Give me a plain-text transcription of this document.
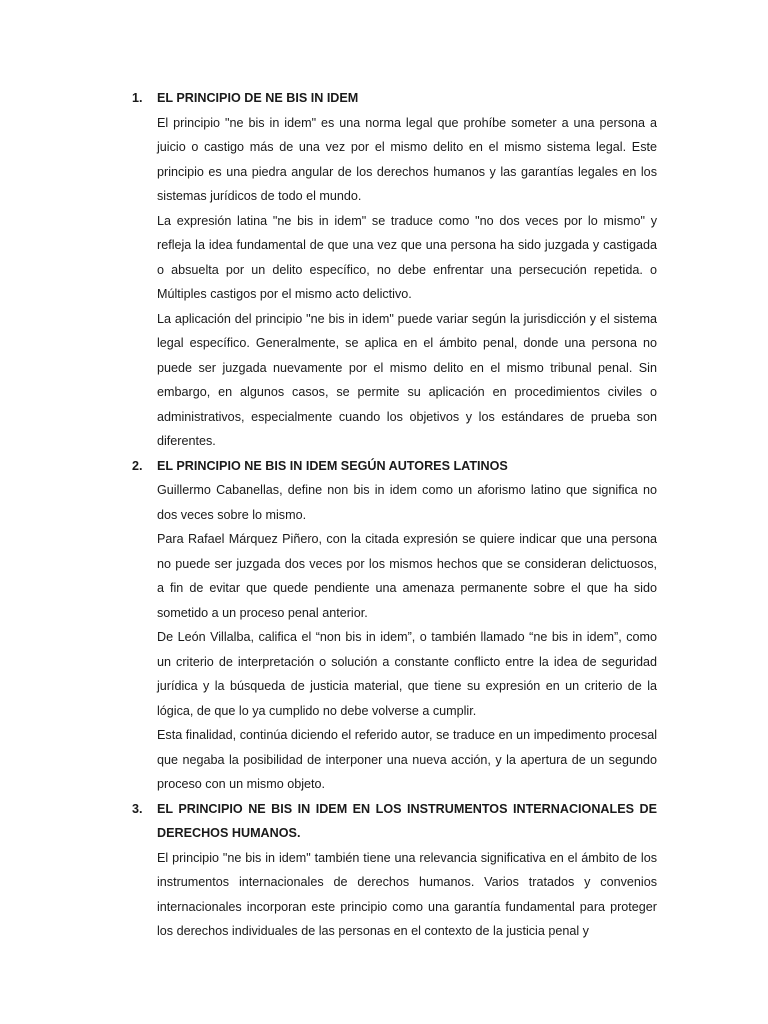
1.	EL PRINCIPIO DE NE BIS IN IDEM

El principio "ne bis in idem" es una norma legal que prohíbe someter a una persona a juicio o castigo más de una vez por el mismo delito en el mismo sistema legal. Este principio es una piedra angular de los derechos humanos y las garantías legales en los sistemas jurídicos de todo el mundo.

La expresión latina "ne bis in idem" se traduce como "no dos veces por lo mismo" y refleja la idea fundamental de que una vez que una persona ha sido juzgada y castigada o absuelta por un delito específico, no debe enfrentar una persecución repetida. o Múltiples castigos por el mismo acto delictivo.

La aplicación del principio "ne bis in idem" puede variar según la jurisdicción y el sistema legal específico. Generalmente, se aplica en el ámbito penal, donde una persona no puede ser juzgada nuevamente por el mismo delito en el mismo tribunal penal. Sin embargo, en algunos casos, se permite su aplicación en procedimientos civiles o administrativos, especialmente cuando los objetivos y los estándares de prueba son diferentes.

2.	EL PRINCIPIO NE BIS IN IDEM SEGÚN AUTORES LATINOS

Guillermo Cabanellas, define non bis in idem como un aforismo latino que significa no dos veces sobre lo mismo.

Para Rafael Márquez Piñero, con la citada expresión se quiere indicar que una persona no puede ser juzgada dos veces por los mismos hechos que se consideran delictuosos, a fin de evitar que quede pendiente una amenaza permanente sobre el que ha sido sometido a un proceso penal anterior.

De León Villalba, califica el “non bis in idem”, o también llamado “ne bis in idem”, como un criterio de interpretación o solución a constante conflicto entre la idea de seguridad jurídica y la búsqueda de justicia material, que tiene su expresión en un criterio de la lógica, de que lo ya cumplido no debe volverse a cumplir.

Esta finalidad, continúa diciendo el referido autor, se traduce en un impedimento procesal que negaba la posibilidad de interponer una nueva acción, y la apertura de un segundo proceso con un mismo objeto.

3.	EL PRINCIPIO NE BIS IN IDEM EN LOS INSTRUMENTOS INTERNACIONALES DE DERECHOS HUMANOS.

El principio "ne bis in idem" también tiene una relevancia significativa en el ámbito de los instrumentos internacionales de derechos humanos. Varios tratados y convenios internacionales incorporan este principio como una garantía fundamental para proteger los derechos individuales de las personas en el contexto de la justicia penal y
